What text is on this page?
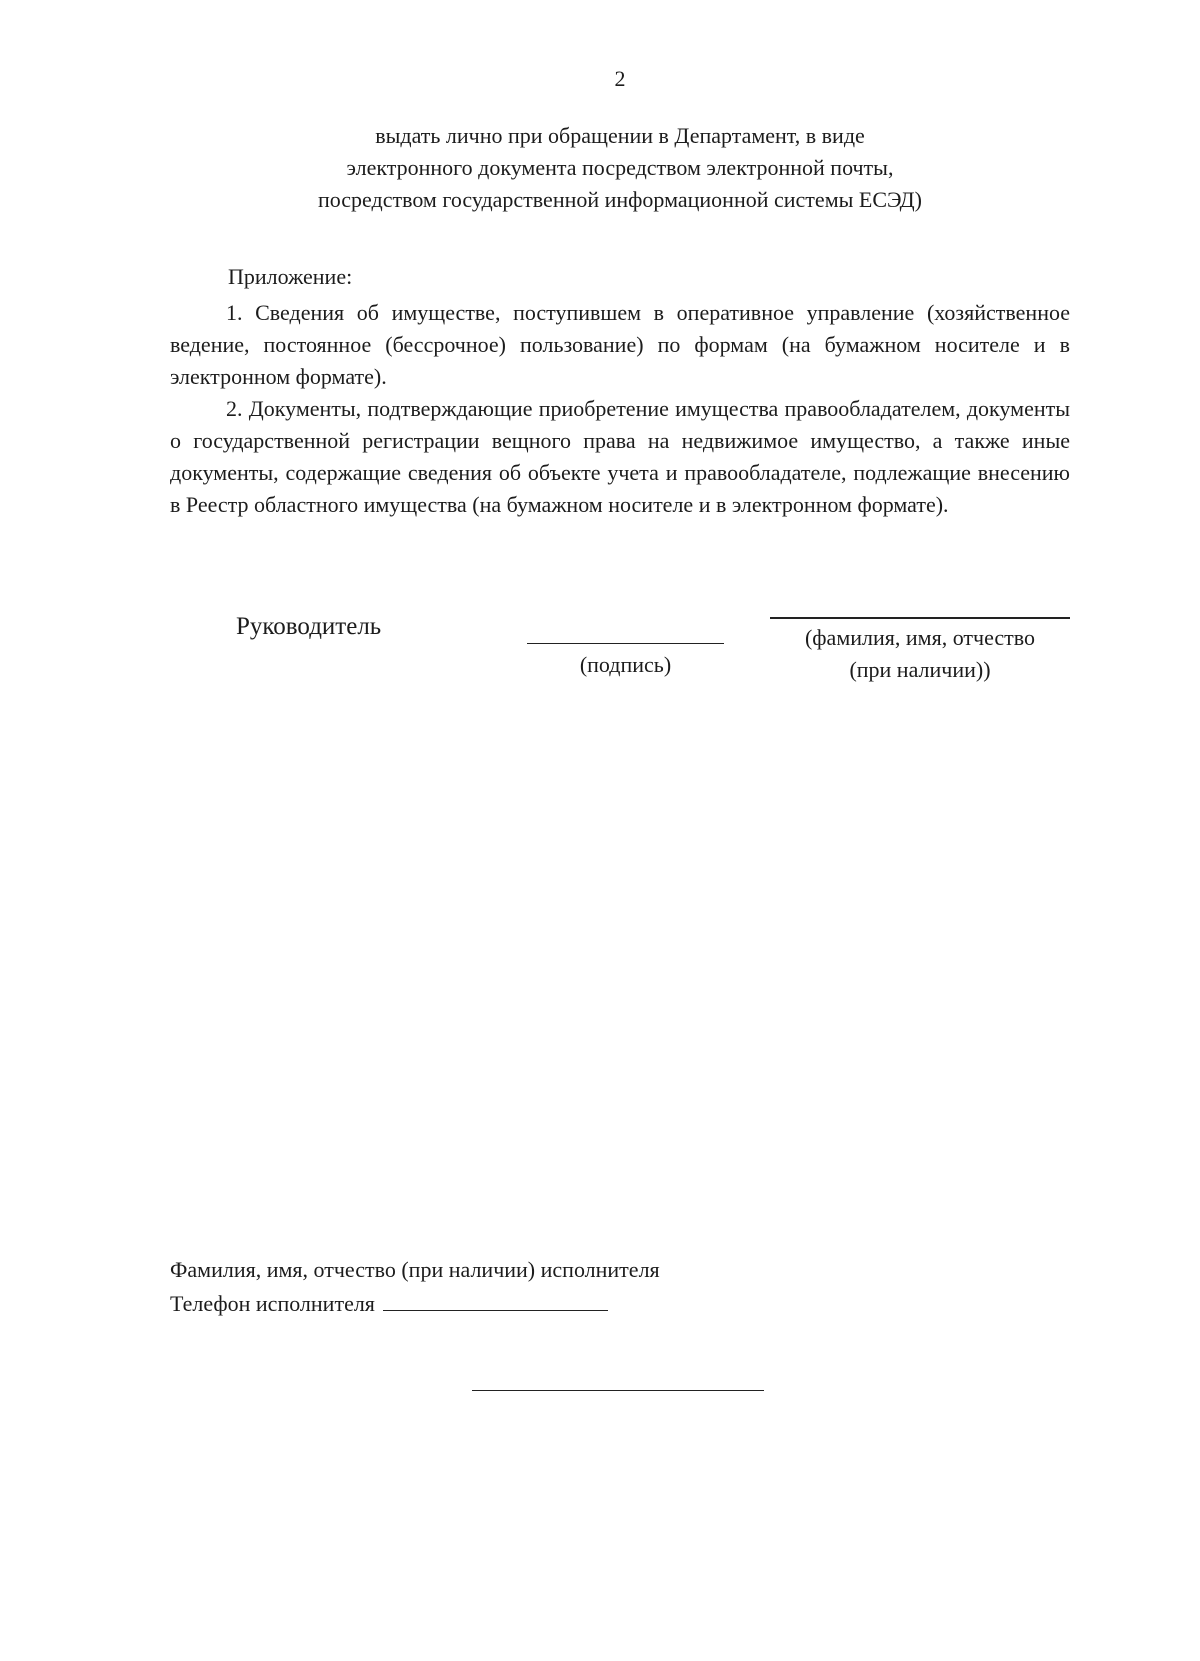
2
выдать лично при обращении в Департамент, в виде
электронного документа посредством электронной почты,
посредством государственной информационной системы ЕСЭД)
Приложение:

1. Сведения об имуществе, поступившем в оперативное управление (хозяйственное ведение, постоянное (бессрочное) пользование) по формам (на бумажном носителе и в электронном формате).

2. Документы, подтверждающие приобретение имущества правообладателем, документы о государственной регистрации вещного права на недвижимое имущество, а также иные документы, содержащие сведения об объекте учета и правообладателе, подлежащие внесению в Реестр областного имущества (на бумажном носителе и в электронном формате).

Руководитель
(подпись)
(фамилия, имя, отчество
(при наличии))
Фамилия, имя, отчество (при наличии) исполнителя
Телефон исполнителя
